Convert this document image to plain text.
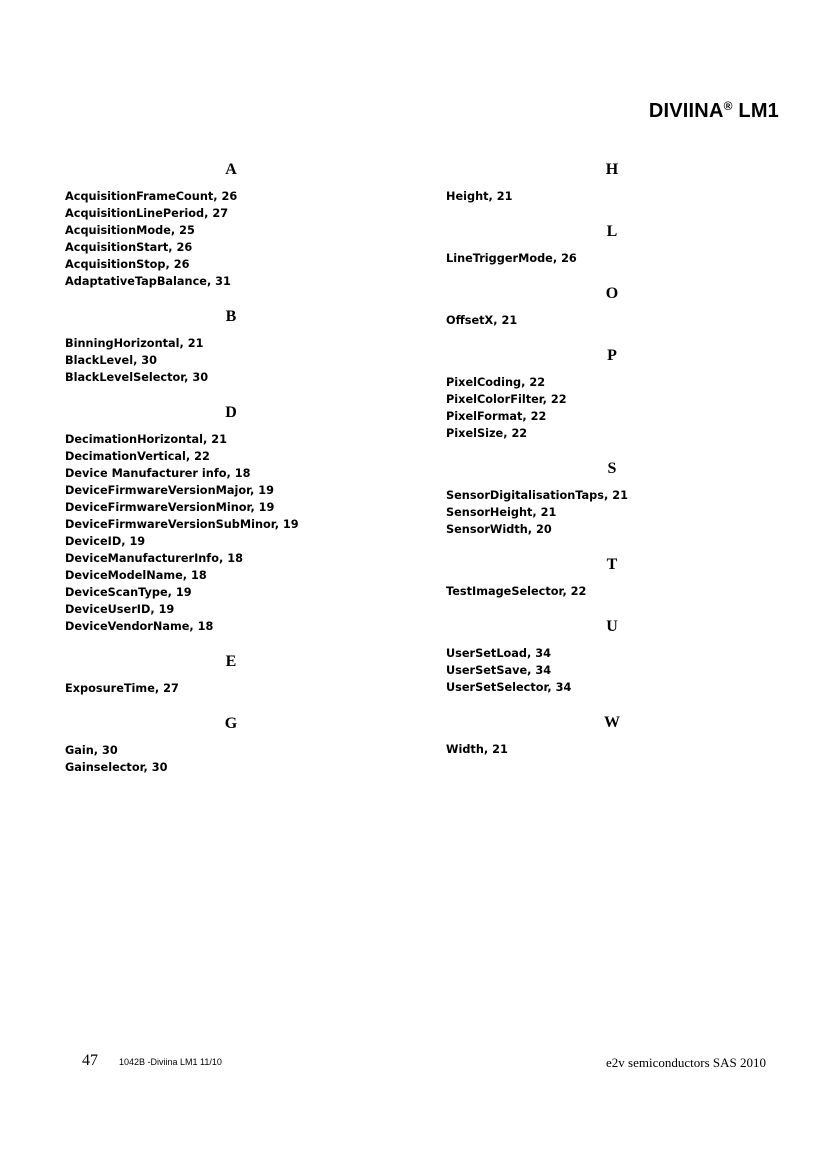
DIVIINA® LM1
A
AcquisitionFrameCount, 26
AcquisitionLinePeriod, 27
AcquisitionMode, 25
AcquisitionStart, 26
AcquisitionStop, 26
AdaptativeTapBalance, 31
B
BinningHorizontal, 21
BlackLevel, 30
BlackLevelSelector, 30
D
DecimationHorizontal, 21
DecimationVertical, 22
Device Manufacturer info, 18
DeviceFirmwareVersionMajor, 19
DeviceFirmwareVersionMinor, 19
DeviceFirmwareVersionSubMinor, 19
DeviceID, 19
DeviceManufacturerInfo, 18
DeviceModelName, 18
DeviceScanType, 19
DeviceUserID, 19
DeviceVendorName, 18
E
ExposureTime, 27
G
Gain, 30
Gainselector, 30
H
Height, 21
L
LineTriggerMode, 26
O
OffsetX, 21
P
PixelCoding, 22
PixelColorFilter, 22
PixelFormat, 22
PixelSize, 22
S
SensorDigitalisationTaps, 21
SensorHeight, 21
SensorWidth, 20
T
TestImageSelector, 22
U
UserSetLoad, 34
UserSetSave, 34
UserSetSelector, 34
W
Width, 21
47 1042B -Diviina LM1 11/10	e2v semiconductors SAS 2010
